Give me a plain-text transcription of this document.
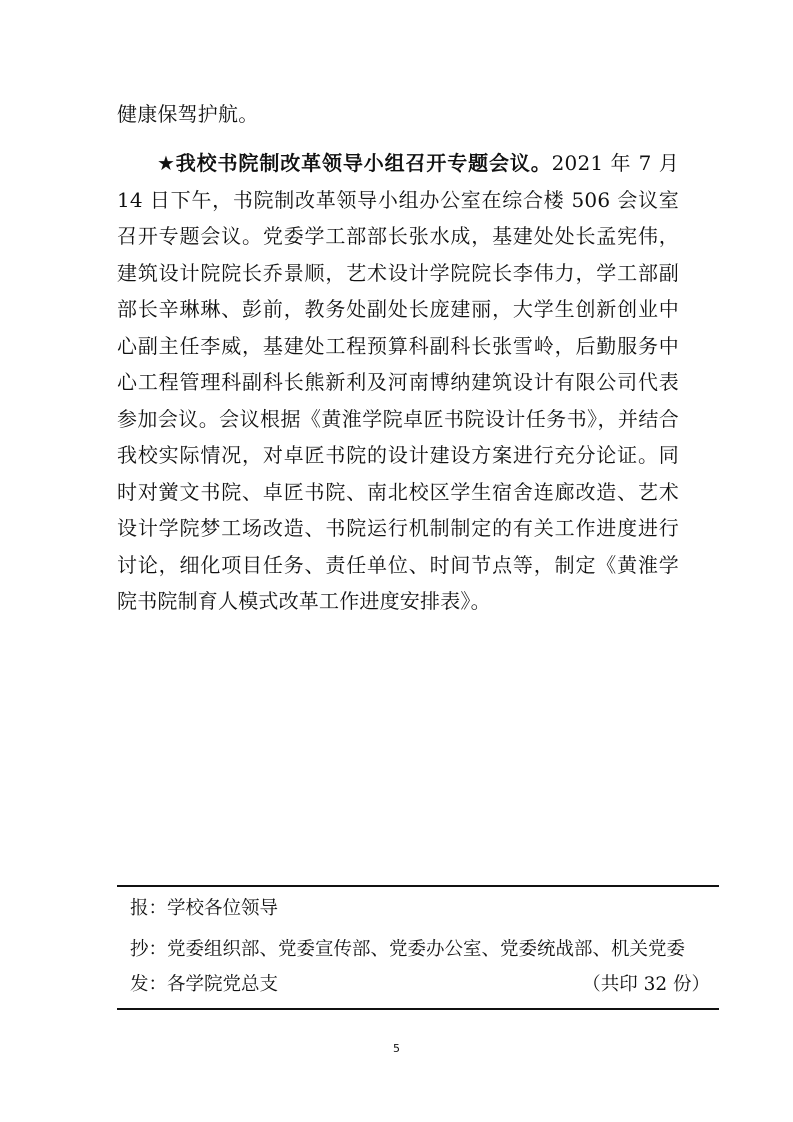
健康保驾护航。
★我校书院制改革领导小组召开专题会议。2021 年 7 月 14 日下午，书院制改革领导小组办公室在综合楼 506 会议室召开专题会议。党委学工部部长张水成，基建处处长孟宪伟，建筑设计院院长乔景顺，艺术设计学院院长李伟力，学工部副部长辛琳琳、彭前，教务处副处长庞建丽，大学生创新创业中心副主任李威，基建处工程预算科副科长张雪岭，后勤服务中心工程管理科副科长熊新利及河南博纳建筑设计有限公司代表参加会议。会议根据《黄淮学院卓匠书院设计任务书》，并结合我校实际情况，对卓匠书院的设计建设方案进行充分论证。同时对黉文书院、卓匠书院、南北校区学生宿舍连廊改造、艺术设计学院梦工场改造、书院运行机制制定的有关工作进度进行讨论，细化项目任务、责任单位、时间节点等，制定《黄淮学院书院制育人模式改革工作进度安排表》。
报：学校各位领导
抄：党委组织部、党委宣传部、党委办公室、党委统战部、机关党委
发：各学院党总支	（共印 32 份）
5
